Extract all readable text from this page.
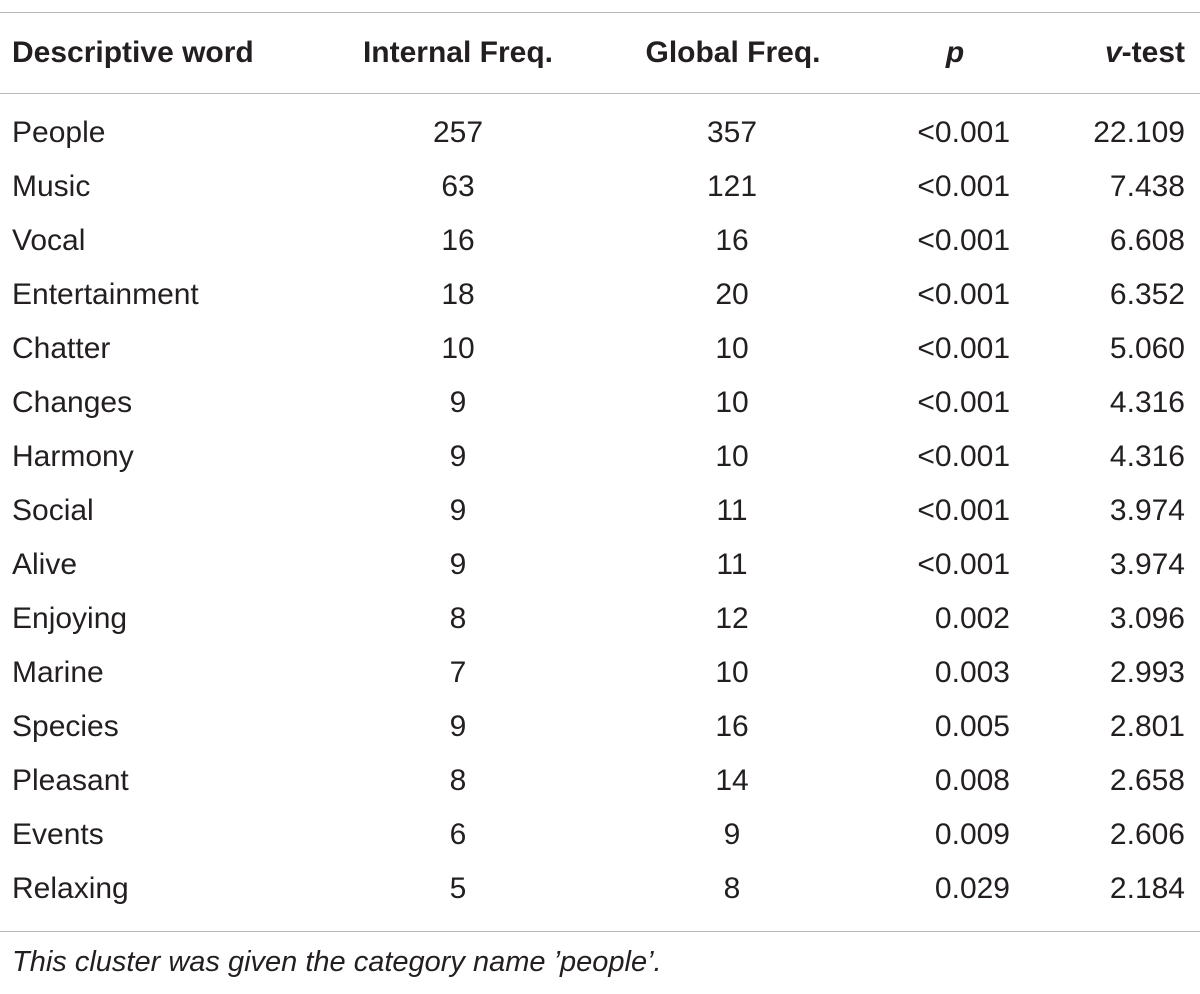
Descriptive word	Internal Freq.	Global Freq.	p	v-test
People	257	357	<0.001	22.109
Music	63	121	<0.001	7.438
Vocal	16	16	<0.001	6.608
Entertainment	18	20	<0.001	6.352
Chatter	10	10	<0.001	5.060
Changes	9	10	<0.001	4.316
Harmony	9	10	<0.001	4.316
Social	9	11	<0.001	3.974
Alive	9	11	<0.001	3.974
Enjoying	8	12	0.002	3.096
Marine	7	10	0.003	2.993
Species	9	16	0.005	2.801
Pleasant	8	14	0.008	2.658
Events	6	9	0.009	2.606
Relaxing	5	8	0.029	2.184
This cluster was given the category name ’people’.
